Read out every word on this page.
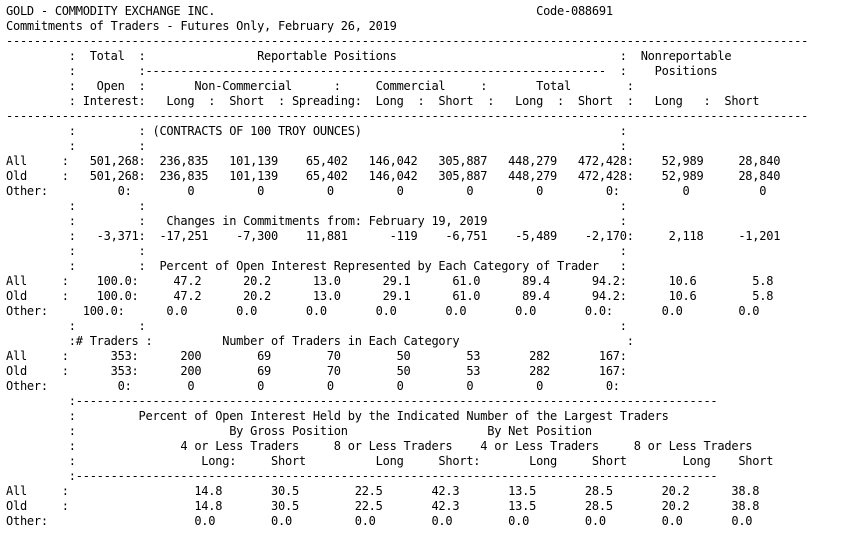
GOLD - COMMODITY EXCHANGE INC.	Code-088691
Commitments of Traders - Futures Only, February 26, 2019
-------------------------------------------------------------------------------------------------------------------
:  Total  :                Reportable Positions                                :  Nonreportable
:         :------------------------------------------------------------------  :    Positions
:   Open  :       Non-Commercial      :     Commercial     :       Total        :
: Interest:   Long  :  Short  : Spreading:  Long  :  Short  :   Long  :  Short  :   Long   :  Short
-------------------------------------------------------------------------------------------------------------------
:         : (CONTRACTS OF 100 TROY OUNCES)                                     :
:         :                                                                    :
All     :   501,268:  236,835   101,139    65,402   146,042   305,887   448,279   472,428:    52,989     28,840
Old     :   501,268:  236,835   101,139    65,402   146,042   305,887   448,279   472,428:    52,989     28,840
Other:          0:        0         0         0         0         0         0         0:         0          0
:         :                                                                    :
:         :   Changes in Commitments from: February 19, 2019                   :
:   -3,371:  -17,251    -7,300    11,881      -119    -6,751    -5,489    -2,170:     2,118     -1,201
:         :                                                                    :
:         :  Percent of Open Interest Represented by Each Category of Trader   :
All     :    100.0:     47.2      20.2      13.0      29.1      61.0      89.4      94.2:      10.6        5.8
Old     :    100.0:     47.2      20.2      13.0      29.1      61.0      89.4      94.2:      10.6        5.8
Other:     100.0:      0.0       0.0       0.0       0.0       0.0       0.0       0.0:       0.0        0.0
:         :                                                                    :
:# Traders :          Number of Traders in Each Category                        :
All     :      353:      200        69        70        50        53       282       167:
Old     :      353:      200        69        70        50        53       282       167:
Other:          0:        0         0         0         0         0         0         0:
:--------------------------------------------------------------------------------------------
:         Percent of Open Interest Held by the Indicated Number of the Largest Traders
:                      By Gross Position                    By Net Position
:               4 or Less Traders     8 or Less Traders    4 or Less Traders     8 or Less Traders
:                  Long:     Short          Long     Short:       Long     Short        Long    Short
:--------------------------------------------------------------------------------------------
All     :                  14.8       30.5        22.5       42.3       13.5       28.5       20.2      38.8
Old     :                  14.8       30.5        22.5       42.3       13.5       28.5       20.2      38.8
Other:                     0.0        0.0         0.0        0.0        0.0        0.0        0.0       0.0
